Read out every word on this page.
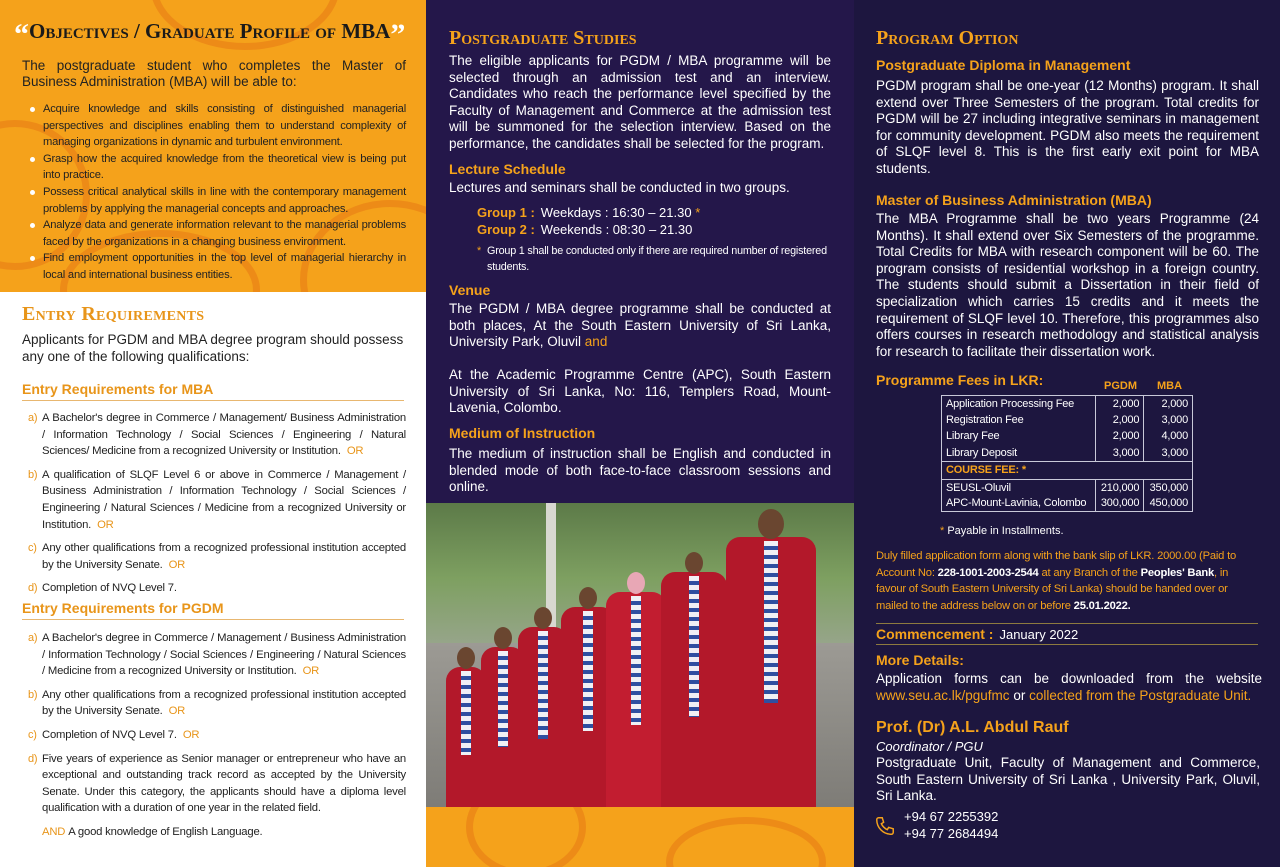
“Objectives / Graduate Profile of MBA”

The postgraduate student who completes the Master of Business Administration (MBA) will be able to:

Acquire knowledge and skills consisting of distinguished managerial perspectives and disciplines enabling them to understand complexity of managing organizations in dynamic and turbulent environment.
Grasp how the acquired knowledge from the theoretical view is being put into practice.
Possess critical analytical skills in line with the contemporary management problems by applying the managerial concepts and approaches.
Analyze data and generate information relevant to the managerial problems faced by the organizations in a changing business environment.
Find employment opportunities in the top level of managerial hierarchy in local and international business entities.
Entry Requirements

Applicants for PGDM and MBA degree program should possess any one of the following qualifications:

Entry Requirements for MBA
a) A Bachelor's degree in Commerce / Management/ Business Administration / Information Technology / Social Sciences / Engineering / Natural Sciences/ Medicine from a recognized University or Institution. OR
b) A qualification of SLQF Level 6 or above in Commerce / Management / Business Administration / Information Technology / Social Sciences / Engineering / Natural Sciences / Medicine from a recognized University or Institution. OR
c) Any other qualifications from a recognized professional institution accepted by the University Senate. OR
d) Completion of NVQ Level 7.
Entry Requirements for PGDM
a) A Bachelor's degree in Commerce / Management / Business Administration / Information Technology / Social Sciences / Engineering / Natural Sciences / Medicine from a recognized University or Institution. OR
b) Any other qualifications from a recognized professional institution accepted by the University Senate. OR
c) Completion of NVQ Level 7. OR
d) Five years of experience as Senior manager or entrepreneur who have an exceptional and outstanding track record as accepted by the University Senate. Under this category, the applicants should have a diploma level qualification with a duration of one year in the related field.
AND A good knowledge of English Language.
Postgraduate Studies

The eligible applicants for PGDM / MBA programme will be selected through an admission test and an interview. Candidates who reach the performance level specified by the Faculty of Management and Commerce at the admission test will be summoned for the selection interview. Based on the performance, the candidates shall be selected for the program.

Lecture Schedule

Lectures and seminars shall be conducted in two groups.

Group 1 : Weekdays : 16:30 – 21.30 *
Group 2 : Weekends : 08:30 – 21.30
* Group 1 shall be conducted only if there are required number of registered students.
Venue

The PGDM / MBA degree programme shall be conducted at both places, At the South Eastern University of Sri Lanka, University Park, Oluvil and

At the Academic Programme Centre (APC), South Eastern University of Sri Lanka, No: 116, Templers Road, Mount-Lavenia, Colombo.

Medium of Instruction

The medium of instruction shall be English and conducted in blended mode of both face-to-face classroom sessions and online.

Program Option
Postgraduate Diploma in Management

PGDM program shall be one-year (12 Months) program. It shall extend over Three Semesters of the program. Total credits for PGDM will be 27 including integrative seminars in management for community development. PGDM also meets the requirement of SLQF level 8. This is the first early exit point for MBA students.

Master of Business Administration (MBA)

The MBA Programme shall be two years Programme (24 Months). It shall extend over Six Semesters of the programme. Total Credits for MBA with research component will be 60. The program consists of residential workshop in a foreign country. The students should submit a Dissertation in their field of specialization which carries 15 credits and it meets the requirement of SLQF level 10. Therefore, this programmes also offers courses in research methodology and statistical analysis for research to facilitate their dissertation work.

Programme Fees in LKR:	PGDM MBA
Application Processing Fee	2,000	2,000
Registration Fee	2,000	3,000
Library Fee	2,000	4,000
Library Deposit	3,000	3,000
COURSE FEE: *		
SEUSL-Oluvil	210,000	350,000
APC-Mount-Lavinia, Colombo	300,000	450,000
* Payable in Installments.

Duly filled application form along with the bank slip of LKR. 2000.00 (Paid to Account No: 228-1001-2003-2544 at any Branch of the Peoples' Bank, in favour of South Eastern University of Sri Lanka) should be handed over or mailed to the address below on or before 25.01.2022.

Commencement : January 2022
More Details:

Application forms can be downloaded from the website www.seu.ac.lk/pgufmc or collected from the Postgraduate Unit.

Prof. (Dr) A.L. Abdul Rauf
Coordinator / PGU

Postgraduate Unit, Faculty of Management and Commerce, South Eastern University of Sri Lanka , University Park, Oluvil, Sri Lanka.

+94 67 2255392
+94 77 2684494
